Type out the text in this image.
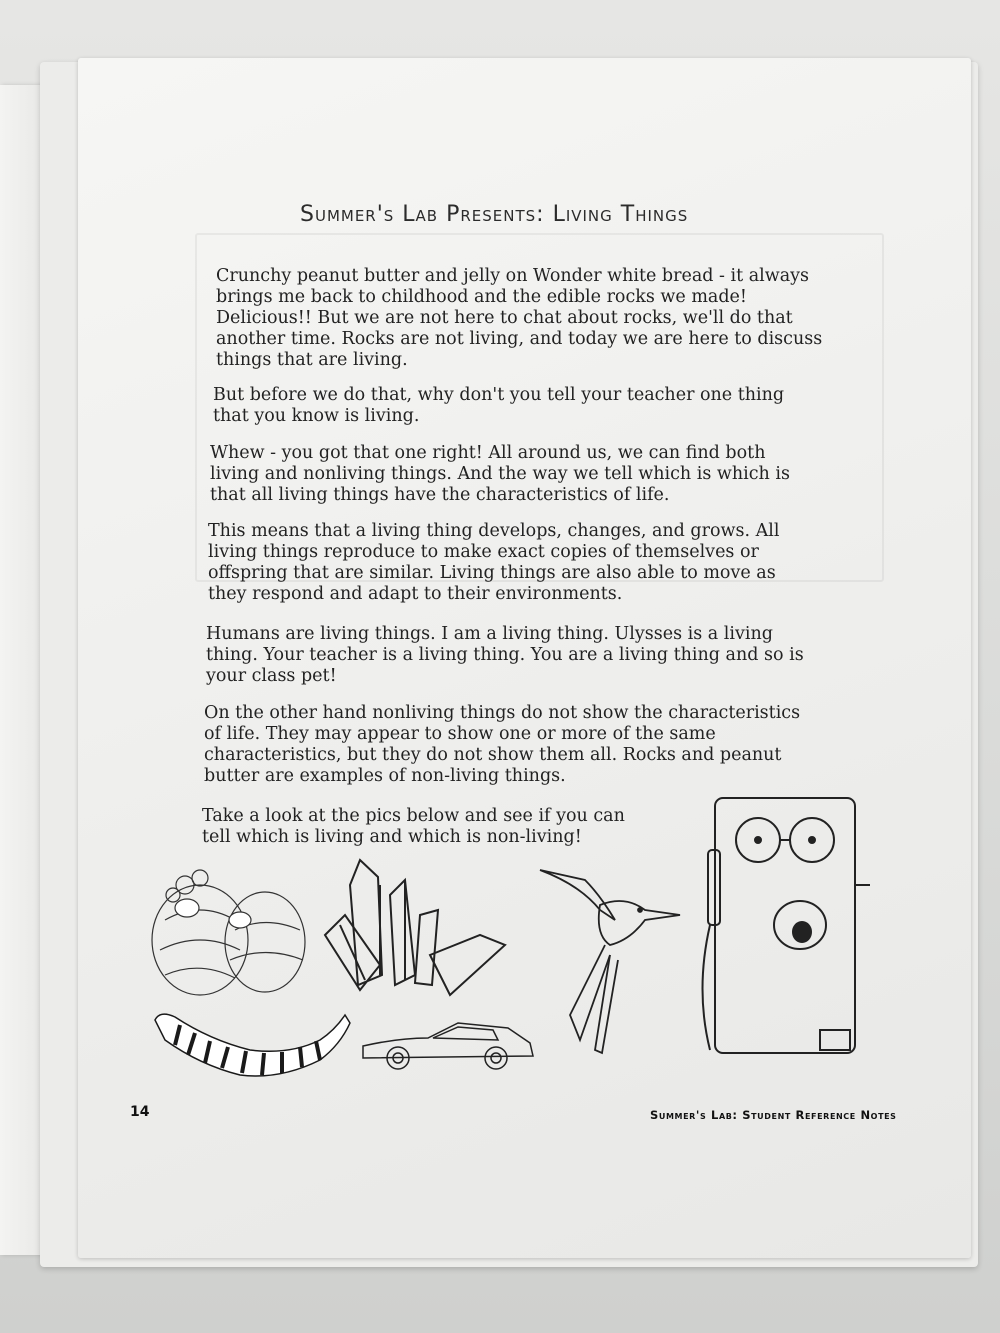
Summer's Lab Presents: Living Things

Crunchy peanut butter and jelly on Wonder white bread - it always brings me back to childhood and the edible rocks we made! Delicious!! But we are not here to chat about rocks, we'll do that another time. Rocks are not living, and today we are here to discuss things that are living.

But before we do that, why don't you tell your teacher one thing that you know is living.

Whew - you got that one right! All around us, we can find both living and nonliving things. And the way we tell which is which is that all living things have the characteristics of life.

This means that a living thing develops, changes, and grows. All living things reproduce to make exact copies of themselves or offspring that are similar. Living things are also able to move as they respond and adapt to their environments.

Humans are living things. I am a living thing. Ulysses is a living thing. Your teacher is a living thing. You are a living thing and so is your class pet!

On the other hand nonliving things do not show the characteristics of life. They may appear to show one or more of the same characteristics, but they do not show them all. Rocks and peanut butter are examples of non-living things.

Take a look at the pics below and see if you can tell which is living and which is non-living!

14	Summer's Lab: Student Reference Notes
